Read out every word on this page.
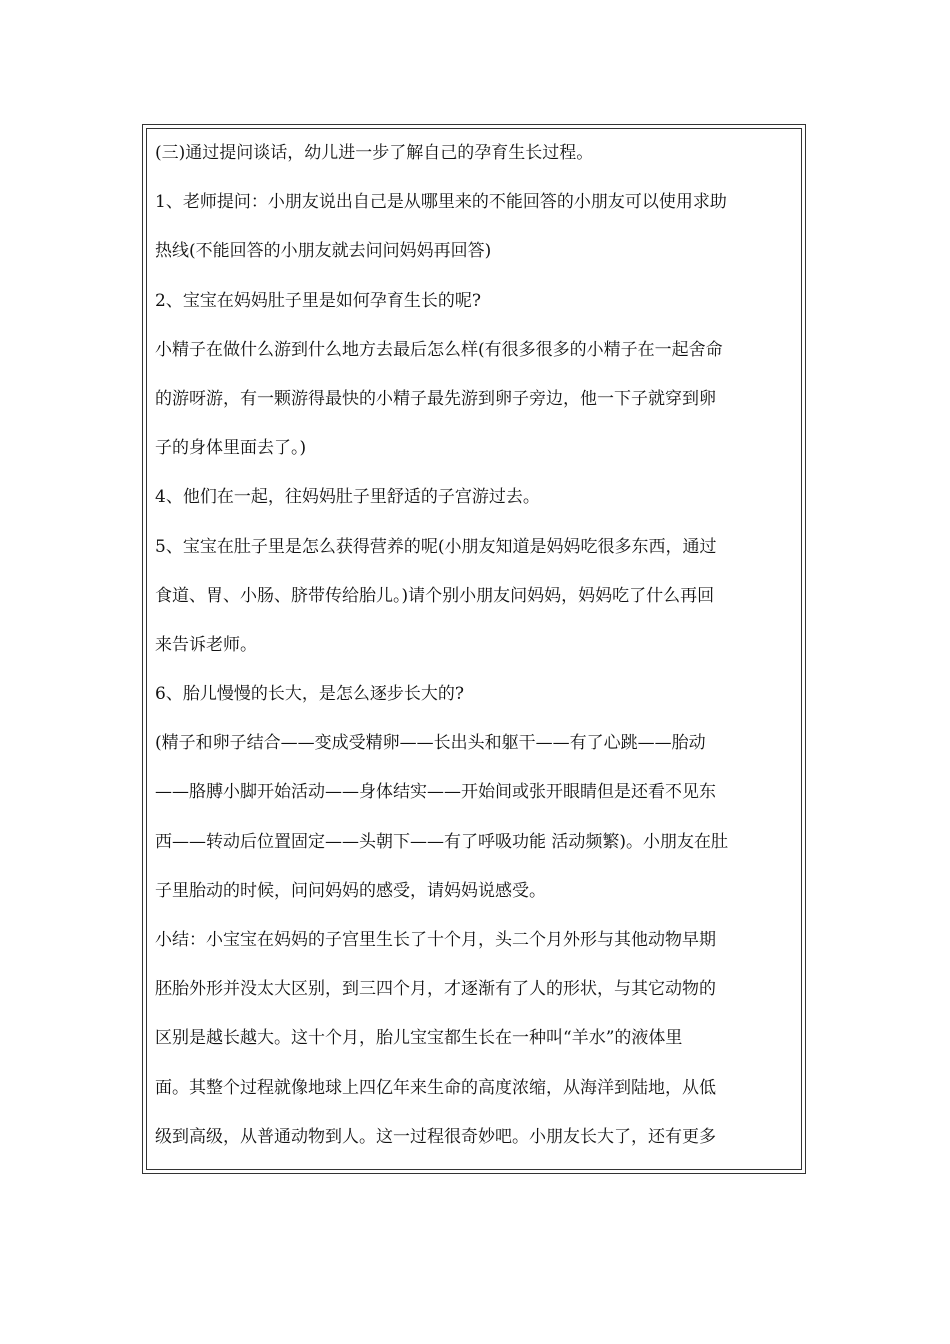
(三)通过提问谈话，幼儿进一步了解自己的孕育生长过程。
1、老师提问：小朋友说出自己是从哪里来的不能回答的小朋友可以使用求助
热线(不能回答的小朋友就去问问妈妈再回答)
2、宝宝在妈妈肚子里是如何孕育生长的呢?
小精子在做什么游到什么地方去最后怎么样(有很多很多的小精子在一起舍命
的游呀游，有一颗游得最快的小精子最先游到卵子旁边，他一下子就穿到卵
子的身体里面去了。)
4、他们在一起，往妈妈肚子里舒适的子宫游过去。
5、宝宝在肚子里是怎么获得营养的呢(小朋友知道是妈妈吃很多东西，通过
食道、胃、小肠、脐带传给胎儿。)请个别小朋友问妈妈，妈妈吃了什么再回
来告诉老师。
6、胎儿慢慢的长大，是怎么逐步长大的?
(精子和卵子结合——变成受精卵——长出头和躯干——有了心跳——胎动
——胳膊小脚开始活动——身体结实——开始间或张开眼睛但是还看不见东
西——转动后位置固定——头朝下——有了呼吸功能 活动频繁)。小朋友在肚
子里胎动的时候，问问妈妈的感受，请妈妈说感受。
小结：小宝宝在妈妈的子宫里生长了十个月，头二个月外形与其他动物早期
胚胎外形并没太大区别，到三四个月，才逐渐有了人的形状，与其它动物的
区别是越长越大。这十个月，胎儿宝宝都生长在一种叫“羊水”的液体里
面。其整个过程就像地球上四亿年来生命的高度浓缩，从海洋到陆地，从低
级到高级，从普通动物到人。这一过程很奇妙吧。小朋友长大了，还有更多
